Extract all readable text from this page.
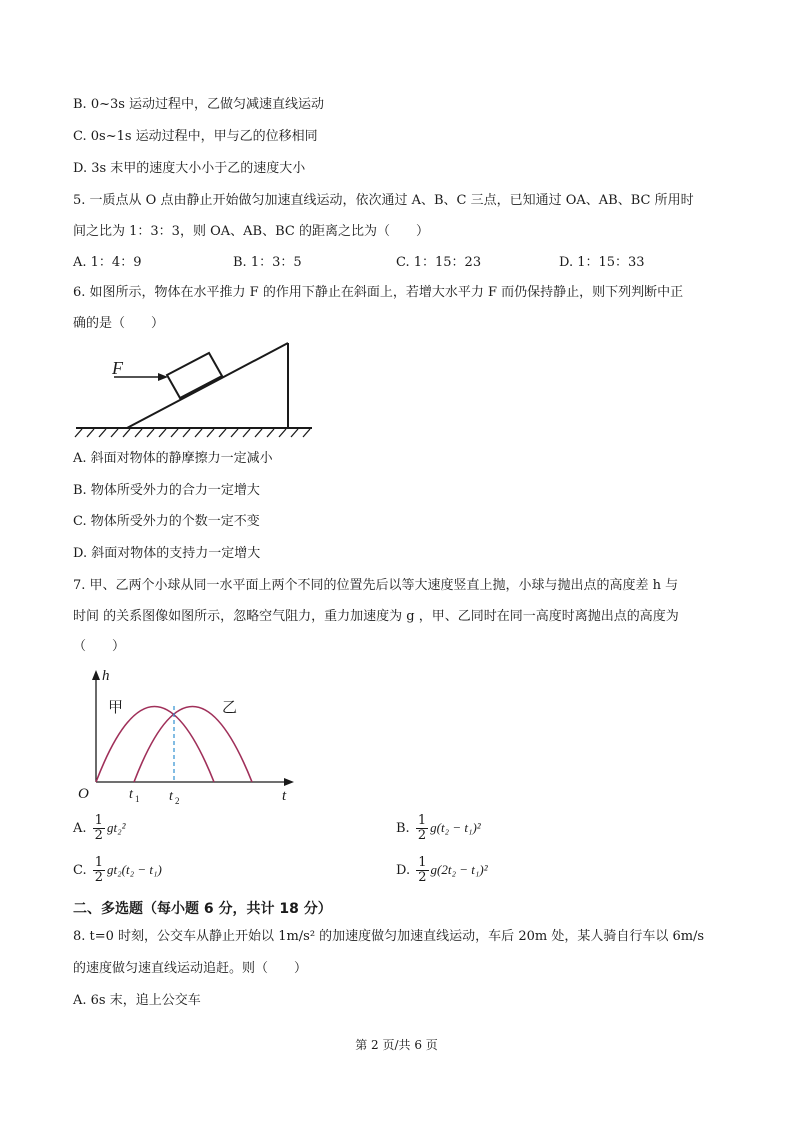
B. 0~3s 运动过程中，乙做匀减速直线运动
C. 0s~1s 运动过程中，甲与乙的位移相同
D. 3s 末甲的速度大小小于乙的速度大小
5. 一质点从 O 点由静止开始做匀加速直线运动，依次通过 A、B、C 三点，已知通过 OA、AB、BC 所用时
间之比为 1：3：3，则 OA、AB、BC 的距离之比为（　　）
A. 1：4：9	B. 1：3：5	C. 1：15：23	D. 1：15：33
6. 如图所示，物体在水平推力 F 的作用下静止在斜面上，若增大水平力 F 而仍保持静止，则下列判断中正
确的是（　　）
F
A. 斜面对物体的静摩擦力一定减小
B. 物体所受外力的合力一定增大
C. 物体所受外力的个数一定不变
D. 斜面对物体的支持力一定增大
7. 甲、乙两个小球从同一水平面上两个不同的位置先后以等大速度竖直上抛，小球与抛出点的高度差 h 与
时间 的关系图像如图所示，忽略空气阻力，重力加速度为 g ，甲、乙同时在同一高度时离抛出点的高度为
（　　）
甲	乙
h
t
O	t 1 t 2
A. $\frac{1}{2} gt_2^2$	B. $\frac{1}{2} g(t_2 - t_1)^2$
C. $\frac{1}{2} gt_2(t_2 - t_1)$	D. $\frac{1}{2} g(2t_2 - t_1)^2$
二、多选题（每小题 6 分，共计 18 分）
8. t=0 时刻，公交车从静止开始以 1m/s² 的加速度做匀加速直线运动，车后 20m 处，某人骑自行车以 6m/s
的速度做匀速直线运动追赶。则（　　）
A. 6s 末，追上公交车
第 2 页/共 6 页
